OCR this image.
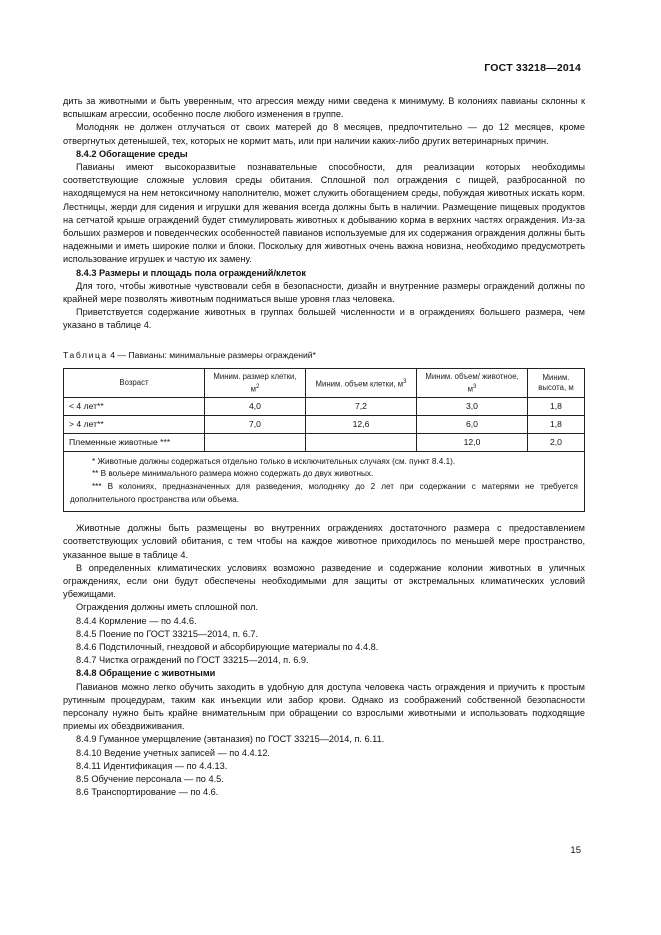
ГОСТ 33218—2014

дить за животными и быть уверенным, что агрессия между ними сведена к минимуму. В колониях павианы склонны к вспышкам агрессии, особенно после любого изменения в группе.

Молодняк не должен отлучаться от своих матерей до 8 месяцев, предпочтительно — до 12 месяцев, кроме отвергнутых детенышей, тех, которых не кормит мать, или при наличии каких-либо других ветеринарных причин.

8.4.2 Обогащение среды

Павианы имеют высокоразвитые познавательные способности, для реализации которых необходимы соответствующие сложные условия среды обитания. Сплошной пол ограждения с пищей, разбросанной по находящемуся на нем нетоксичному наполнителю, может служить обогащением среды, побуждая животных искать корм. Лестницы, жерди для сидения и игрушки для жевания всегда должны быть в наличии. Размещение пищевых продуктов на сетчатой крыше ограждений будет стимулировать животных к добыванию корма в верхних частях ограждения. Из-за больших размеров и поведенческих особенностей павианов используемые для их содержания ограждения должны быть надежными и иметь широкие полки и блоки. Поскольку для животных очень важна новизна, необходимо предусмотреть использование игрушек и частую их замену.

8.4.3 Размеры и площадь пола ограждений/клеток

Для того, чтобы животные чувствовали себя в безопасности, дизайн и внутренние размеры ограждений должны по крайней мере позволять животным подниматься выше уровня глаз человека.

Приветствуется содержание животных в группах большей численности и в ограждениях большего размера, чем указано в таблице 4.

Таблица 4 — Павианы: минимальные размеры ограждений*
Возраст	Миним. размер клетки, $м^2$	Миним. объем клетки, $м^3$	Миним. объем/ животное, $м^3$	Миним. высота, м
< 4 лет**	4,0	7,2	3,0	1,8
> 4 лет**	7,0	12,6	6,0	1,8
Племенные животные ***			12,0	2,0

* Животные должны содержаться отдельно только в исключительных случаях (см. пункт 8.4.1).

** В вольере минимального размера можно содержать до двух животных.

*** В колониях, предназначенных для разведения, молодняку до 2 лет при содержании с матерями не требуется дополнительного пространства или объема.				

Животные должны быть размещены во внутренних ограждениях достаточного размера с предоставлением соответствующих условий обитания, с тем чтобы на каждое животное приходилось по меньшей мере пространство, указанное выше в таблице 4.

В определенных климатических условиях возможно разведение и содержание колонии животных в уличных ограждениях, если они будут обеспечены необходимыми для защиты от экстремальных климатических условий убежищами.

Ограждения должны иметь сплошной пол.

8.4.4 Кормление — по 4.4.6.

8.4.5 Поение по ГОСТ 33215—2014, п. 6.7.

8.4.6 Подстилочный, гнездовой и абсорбирующие материалы по 4.4.8.

8.4.7 Чистка ограждений по ГОСТ 33215—2014, п. 6.9.

8.4.8 Обращение с животными

Павианов можно легко обучить заходить в удобную для доступа человека часть ограждения и приучить к простым рутинным процедурам, таким как инъекции или забор крови. Однако из соображений собственной безопасности персоналу нужно быть крайне внимательным при обращении со взрослыми животными и использовать подходящие приемы их обездвиживания.

8.4.9 Гуманное умерщвление (эвтаназия) по ГОСТ 33215—2014, п. 6.11.

8.4.10 Ведение учетных записей — по 4.4.12.

8.4.11 Идентификация — по 4.4.13.

8.5 Обучение персонала — по 4.5.

8.6 Транспортирование — по 4.6.

15
